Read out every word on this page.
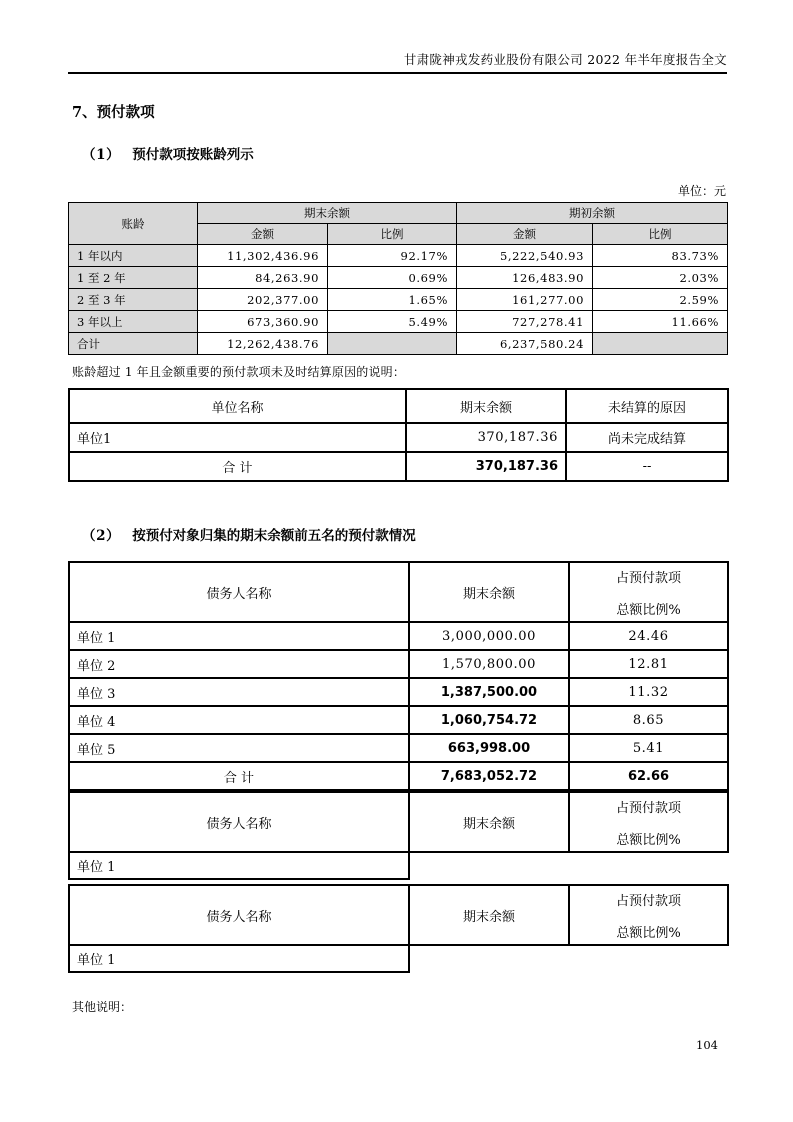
甘肃陇神戎发药业股份有限公司 2022 年半年度报告全文
7、预付款项
（1） 预付款项按账龄列示
单位：元
账龄	期末余额		期初余额	
	金额	比例	金额	比例
1 年以内	11,302,436.96	92.17%	5,222,540.93	83.73%
1 至 2 年	84,263.90	0.69%	126,483.90	2.03%
2 至 3 年	202,377.00	1.65%	161,277.00	2.59%
3 年以上	673,360.90	5.49%	727,278.41	11.66%
合计	12,262,438.76		6,237,580.24	

账龄超过 1 年且金额重要的预付款项未及时结算原因的说明：

单位名称	期末余额	未结算的原因
单位1	370,187.36	尚未完成结算
合 计	370,187.36	--
（2） 按预付对象归集的期末余额前五名的预付款情况
债务人名称	期末余额	占预付款项
总额比例%

单位 1	3,000,000.00	24.46
单位 2	1,570,800.00	12.81
单位 3	1,387,500.00	11.32
单位 4	1,060,754.72	8.65
单位 5	663,998.00	5.41
合 计	7,683,052.72	62.66
债务人名称	期末余额	占预付款项
总额比例%

单位 1		
债务人名称	期末余额	占预付款项
总额比例%

单位 1		

其他说明：

104
